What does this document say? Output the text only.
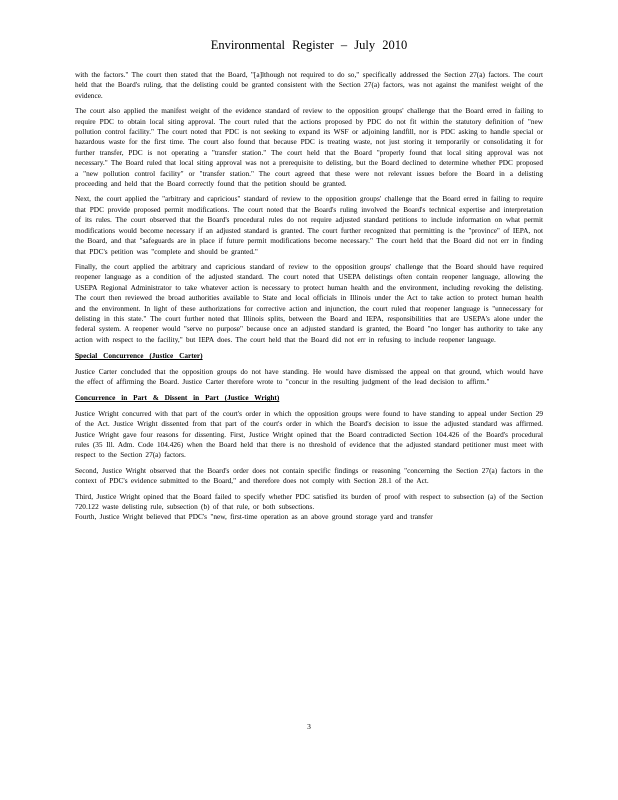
Environmental Register – July 2010

with the factors." The court then stated that the Board, "[a]lthough not required to do so," specifically addressed the Section 27(a) factors. The court held that the Board's ruling, that the delisting could be granted consistent with the Section 27(a) factors, was not against the manifest weight of the evidence.

The court also applied the manifest weight of the evidence standard of review to the opposition groups' challenge that the Board erred in failing to require PDC to obtain local siting approval. The court ruled that the actions proposed by PDC do not fit within the statutory definition of "new pollution control facility." The court noted that PDC is not seeking to expand its WSF or adjoining landfill, nor is PDC asking to handle special or hazardous waste for the first time. The court also found that because PDC is treating waste, not just storing it temporarily or consolidating it for further transfer, PDC is not operating a "transfer station." The court held that the Board "properly found that local siting approval was not necessary." The Board ruled that local siting approval was not a prerequisite to delisting, but the Board declined to determine whether PDC proposed a "new pollution control facility" or "transfer station." The court agreed that these were not relevant issues before the Board in a delisting proceeding and held that the Board correctly found that the petition should be granted.

Next, the court applied the "arbitrary and capricious" standard of review to the opposition groups' challenge that the Board erred in failing to require that PDC provide proposed permit modifications. The court noted that the Board's ruling involved the Board's technical expertise and interpretation of its rules. The court observed that the Board's procedural rules do not require adjusted standard petitions to include information on what permit modifications would become necessary if an adjusted standard is granted. The court further recognized that permitting is the "province" of IEPA, not the Board, and that "safeguards are in place if future permit modifications become necessary." The court held that the Board did not err in finding that PDC's petition was "complete and should be granted."

Finally, the court applied the arbitrary and capricious standard of review to the opposition groups' challenge that the Board should have required reopener language as a condition of the adjusted standard. The court noted that USEPA delistings often contain reopener language, allowing the USEPA Regional Administrator to take whatever action is necessary to protect human health and the environment, including revoking the delisting. The court then reviewed the broad authorities available to State and local officials in Illinois under the Act to take action to protect human health and the environment. In light of these authorizations for corrective action and injunction, the court ruled that reopener language is "unnecessary for delisting in this state." The court further noted that Illinois splits, between the Board and IEPA, responsibilities that are USEPA's alone under the federal system. A reopener would "serve no purpose" because once an adjusted standard is granted, the Board "no longer has authority to take any action with respect to the facility," but IEPA does. The court held that the Board did not err in refusing to include reopener language.

Special Concurrence (Justice Carter)

Justice Carter concluded that the opposition groups do not have standing. He would have dismissed the appeal on that ground, which would have the effect of affirming the Board. Justice Carter therefore wrote to "concur in the resulting judgment of the lead decision to affirm."

Concurrence in Part & Dissent in Part (Justice Wright)

Justice Wright concurred with that part of the court's order in which the opposition groups were found to have standing to appeal under Section 29 of the Act. Justice Wright dissented from that part of the court's order in which the Board's decision to issue the adjusted standard was affirmed. Justice Wright gave four reasons for dissenting. First, Justice Wright opined that the Board contradicted Section 104.426 of the Board's procedural rules (35 Ill. Adm. Code 104.426) when the Board held that there is no threshold of evidence that the adjusted standard petitioner must meet with respect to the Section 27(a) factors.

Second, Justice Wright observed that the Board's order does not contain specific findings or reasoning "concerning the Section 27(a) factors in the context of PDC's evidence submitted to the Board," and therefore does not comply with Section 28.1 of the Act.

Third, Justice Wright opined that the Board failed to specify whether PDC satisfied its burden of proof with respect to subsection (a) of the Section 720.122 waste delisting rule, subsection (b) of that rule, or both subsections.

Fourth, Justice Wright believed that PDC's "new, first-time operation as an above ground storage yard and transfer

3
